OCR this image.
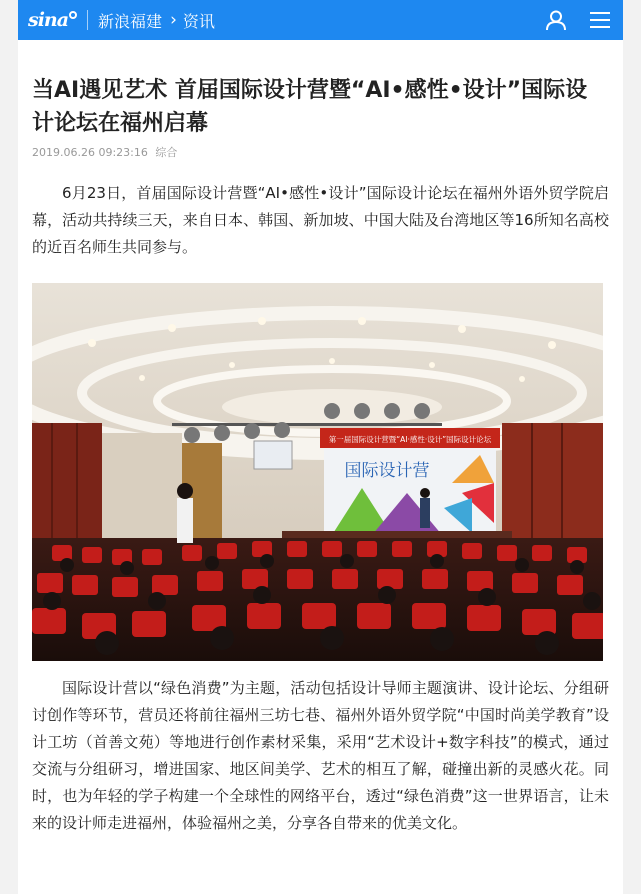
sina 新浪福建 › 资讯
当AI遇见艺术 首届国际设计营暨“AI•感性•设计”国际设计论坛在福州启幕
2019.06.26 09:23:16 综合

6月23日，首届国际设计营暨“AI•感性•设计”国际设计论坛在福州外语外贸学院启幕，活动共持续三天，来自日本、韩国、新加坡、中国大陆及台湾地区等16所知名高校的近百名师生共同参与。

第一届国际设计营暨“AI·感性·设计”国际设计论坛
国际设计营

国际设计营以“绿色消费”为主题，活动包括设计导师主题演讲、设计论坛、分组研讨创作等环节，营员还将前往福州三坊七巷、福州外语外贸学院“中国时尚美学教育”设计工坊（首善文苑）等地进行创作素材采集，采用“艺术设计+数字科技”的模式，通过交流与分组研习，增进国家、地区间美学、艺术的相互了解，碰撞出新的灵感火花。同时，也为年轻的学子构建一个全球性的网络平台，透过“绿色消费”这一世界语言，让未来的设计师走进福州，体验福州之美，分享各自带来的优美文化。
